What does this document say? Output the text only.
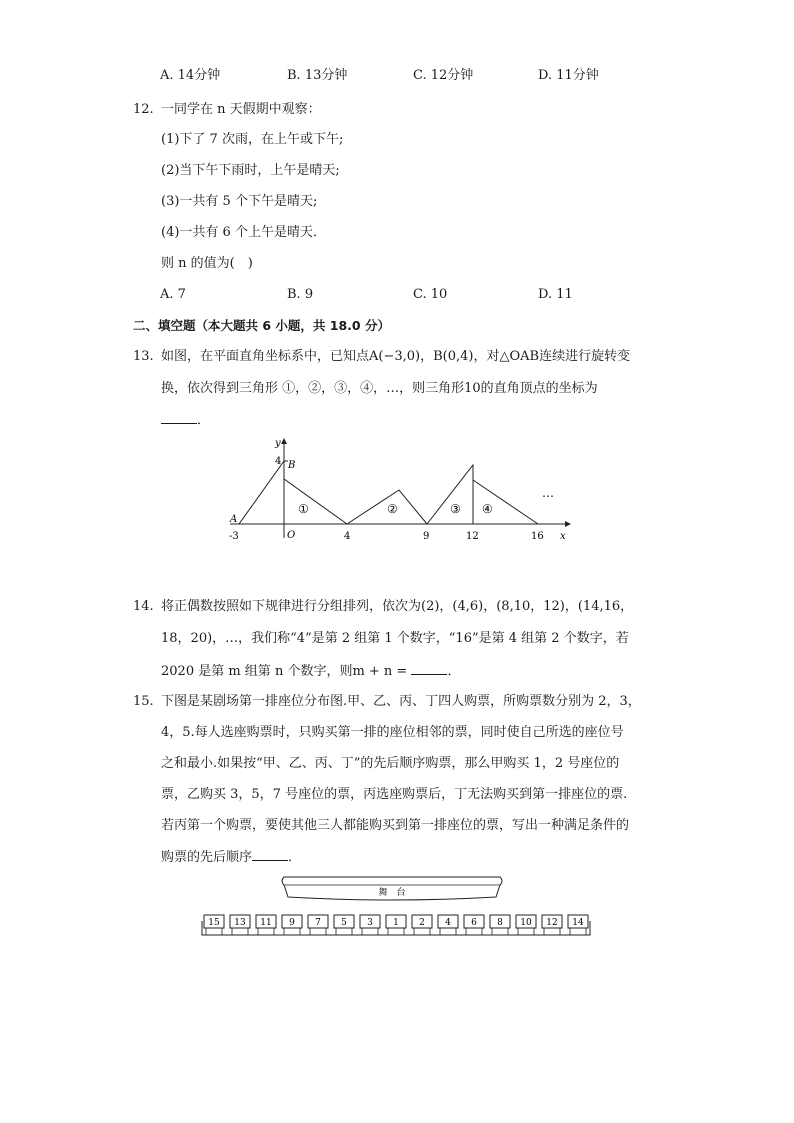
A. 14分钟	B. 13分钟	C. 12分钟	D. 11分钟
12. 一同学在 n 天假期中观察：
(1)下了 7 次雨，在上午或下午;
(2)当下午下雨时，上午是晴天;
(3)一共有 5 个下午是晴天;
(4)一共有 6 个上午是晴天．
则 n 的值为(　)
A. 7	B. 9	C. 10	D. 11
二、填空题（本大题共 6 小题，共 18.0 分）
13. 如图，在平面直角坐标系中，已知点A(−3,0)，B(0,4)，对△OAB连续进行旋转变
换，依次得到三角形 ①，②，③，④，…，则三角形10的直角顶点的坐标为
．
y
x
O
A
B
4
-3	4	9	12	16
①	②	③ ④
…
14. 将正偶数按照如下规律进行分组排列，依次为(2)，(4,6)，(8,10，12)，(14,16，
18，20)，…，我们称“4”是第 2 组第 1 个数字，“16”是第 4 组第 2 个数字，若
2020 是第 m 组第 n 个数字，则m + n =	．
15. 下图是某剧场第一排座位分布图.甲、乙、丙、丁四人购票，所购票数分别为 2，3，
4，5.每人选座购票时，只购买第一排的座位相邻的票，同时使自己所选的座位号
之和最小.如果按“甲、乙、丙、丁”的先后顺序购票，那么甲购买 1，2 号座位的
票，乙购买 3，5，7 号座位的票，丙选座购票后，丁无法购买到第一排座位的票.
若丙第一个购票，要使其他三人都能购买到第一排座位的票，写出一种满足条件的
购票的先后顺序	．
舞　台
15 13 11 9 7 5 3 1 2 4 6 8 10 12 14
